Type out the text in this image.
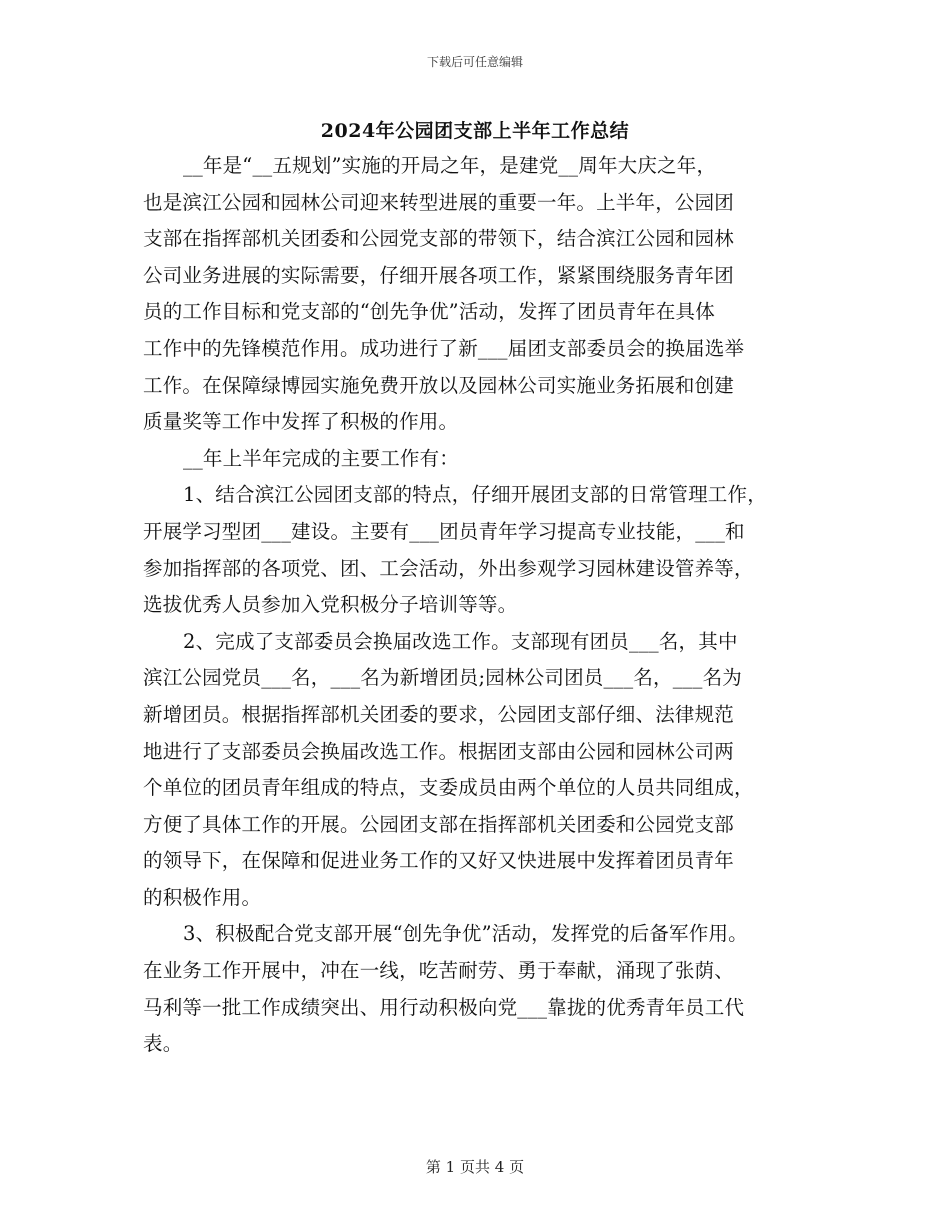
下载后可任意编辑
2024年公园团支部上半年工作总结
__年是“__五规划”实施的开局之年，是建党__周年大庆之年，
也是滨江公园和园林公司迎来转型进展的重要一年。上半年，公园团
支部在指挥部机关团委和公园党支部的带领下，结合滨江公园和园林
公司业务进展的实际需要，仔细开展各项工作，紧紧围绕服务青年团
员的工作目标和党支部的“创先争优”活动，发挥了团员青年在具体
工作中的先锋模范作用。成功进行了新___届团支部委员会的换届选举
工作。在保障绿博园实施免费开放以及园林公司实施业务拓展和创建
质量奖等工作中发挥了积极的作用。
__年上半年完成的主要工作有：
1、结合滨江公园团支部的特点，仔细开展团支部的日常管理工作，
开展学习型团___建设。主要有___团员青年学习提高专业技能，___和
参加指挥部的各项党、团、工会活动，外出参观学习园林建设管养等，
选拔优秀人员参加入党积极分子培训等等。
2、完成了支部委员会换届改选工作。支部现有团员___名，其中
滨江公园党员___名，___名为新增团员;园林公司团员___名，___名为
新增团员。根据指挥部机关团委的要求，公园团支部仔细、法律规范
地进行了支部委员会换届改选工作。根据团支部由公园和园林公司两
个单位的团员青年组成的特点，支委成员由两个单位的人员共同组成，
方便了具体工作的开展。公园团支部在指挥部机关团委和公园党支部
的领导下，在保障和促进业务工作的又好又快进展中发挥着团员青年
的积极作用。
3、积极配合党支部开展“创先争优”活动，发挥党的后备军作用。
在业务工作开展中，冲在一线，吃苦耐劳、勇于奉献，涌现了张荫、
马利等一批工作成绩突出、用行动积极向党___靠拢的优秀青年员工代
表。
第 1 页共 4 页
